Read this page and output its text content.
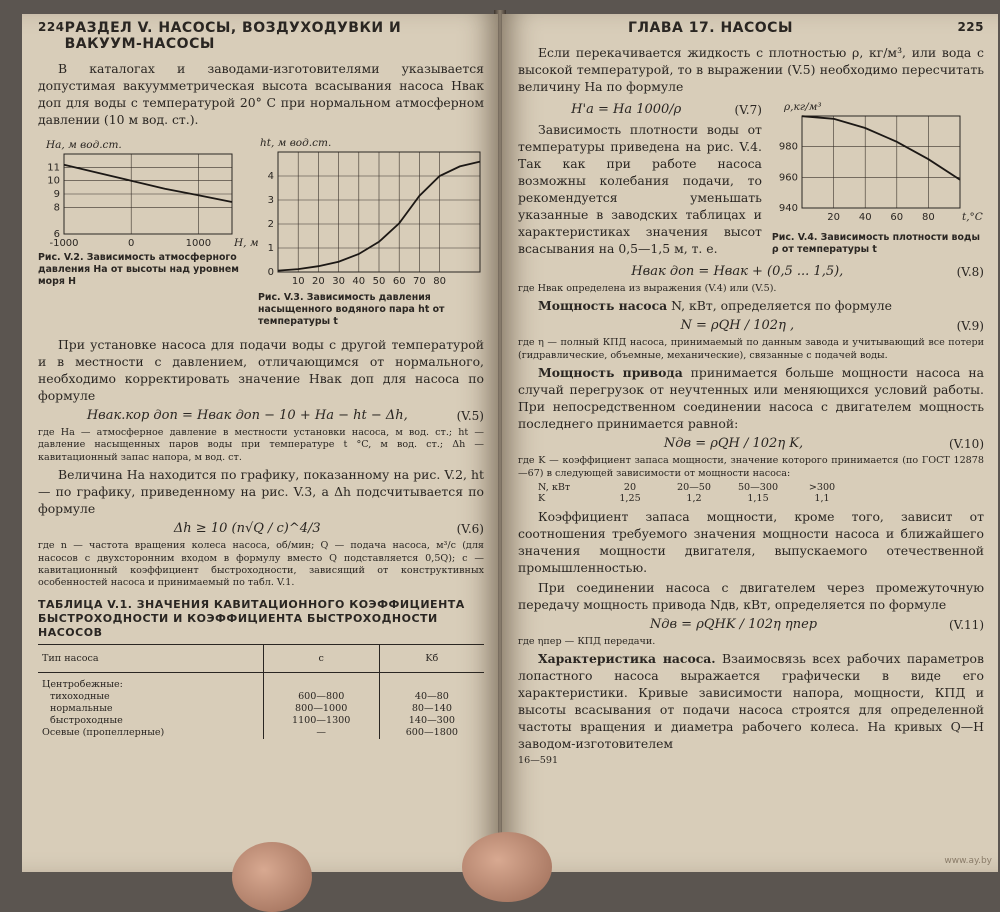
224 РАЗДЕЛ V. НАСОСЫ, ВОЗДУХОДУВКИ И ВАКУУМ-НАСОСЫ

В каталогах и заводами-изготовителями указывается допустимая вакуумметрическая высота всасывания насоса Hвак доп для воды с температурой 20° С при нормальном атмосферном давлении (10 м вод. ст.).

-1000	0	1000
6
8
9
10
11
Hа, м вод.ст.
H, м
Рис. V.2. Зависимость атмосферного давления Hа от высоты над уровнем моря H	10 20 30 40 50 60 70 80
0
1
2
3
4
ht, м вод.ст.
Рис. V.3. Зависимость давления насыщенного водяного пара ht от температуры t

При установке насоса для подачи воды с другой температурой и в местности с давлением, отличающимся от нормального, необходимо корректировать значение Hвак доп для насоса по формуле

Hвак.кор доп = Hвак доп − 10 + Hа − ht − Δh,	(V.5)

где Hа — атмосферное давление в местности установки насоса, м вод. ст.; ht — давление насыщенных паров воды при температуре t °C, м вод. ст.; Δh — кавитационный запас напора, м вод. ст.

Величина Hа находится по графику, показанному на рис. V.2, ht — по графику, приведенному на рис. V.3, а Δh подсчитывается по формуле

Δh ≥ 10 (n√Q / c)^4/3	(V.6)

где n — частота вращения колеса насоса, об/мин; Q — подача насоса, м³/с (для насосов с двухсторонним входом в формулу вместо Q подставляется 0,5Q); c — кавитационный коэффициент быстроходности, зависящий от конструктивных особенностей насоса и принимаемый по табл. V.1.

ТАБЛИЦА V.1. ЗНАЧЕНИЯ КАВИТАЦИОННОГО КОЭФФИЦИЕНТА БЫСТРОХОДНОСТИ И КОЭФФИЦИЕНТА БЫСТРОХОДНОСТИ НАСОСОВ
Тип насоса	c	Kб
Центробежные:		
тихоходные	600—800	40—80
нормальные	800—1000	80—140
быстроходные	1100—1300	140—300
Осевые (пропеллерные)	—	600—1800
ГЛАВА 17. НАСОСЫ	225

Если перекачивается жидкость с плотностью ρ, кг/м³, или вода с высокой температурой, то в выражении (V.5) необходимо пересчитать величину Hа по формуле

H'а = Hа 1000/ρ	(V.7)

Зависимость плотности воды от температуры приведена на рис. V.4. Так как при работе насоса возможны колебания подачи, то рекомендуется уменьшать указанные в заводских таблицах и характеристиках значения высот всасывания на 0,5—1,5 м, т. е.

20 40 60 80
940
960
980
ρ,кг/м³
t,°C
Рис. V.4. Зависимость плотности воды ρ от температуры t
Hвак доп = Hвак + (0,5 ... 1,5),	(V.8)

где Hвак определена из выражения (V.4) или (V.5).

Мощность насоса N, кВт, определяется по формуле

N = ρQH / 102η ,	(V.9)

где η — полный КПД насоса, принимаемый по данным завода и учитывающий все потери (гидравлические, объемные, механические), связанные с подачей воды.

Мощность привода принимается больше мощности насоса на случай перегрузок от неучтенных или меняющихся условий работы. При непосредственном соединении насоса с двигателем мощность последнего принимается равной:

Nдв = ρQH / 102η K,	(V.10)

где K — коэффициент запаса мощности, значение которого принимается (по ГОСТ 12878—67) в следующей зависимости от мощности насоса:

N, кВт	20	20—50	50—300	>300
K	1,25	1,2	1,15	1,1

Коэффициент запаса мощности, кроме того, зависит от соотношения требуемого значения мощности насоса и ближайшего значения мощности двигателя, выпускаемого отечественной промышленностью.

При соединении насоса с двигателем через промежуточную передачу мощность привода Nдв, кВт, определяется по формуле

Nдв = ρQHK / 102η ηпер	(V.11)

где ηпер — КПД передачи.

Характеристика насоса. Взаимосвязь всех рабочих параметров лопастного насоса выражается графически в виде его характеристики. Кривые зависимости напора, мощности, КПД и высоты всасывания от подачи насоса строятся для определенной частоты вращения и диаметра рабочего колеса. На кривых Q—H заводом-изготовителем

16—591
www.ay.by
